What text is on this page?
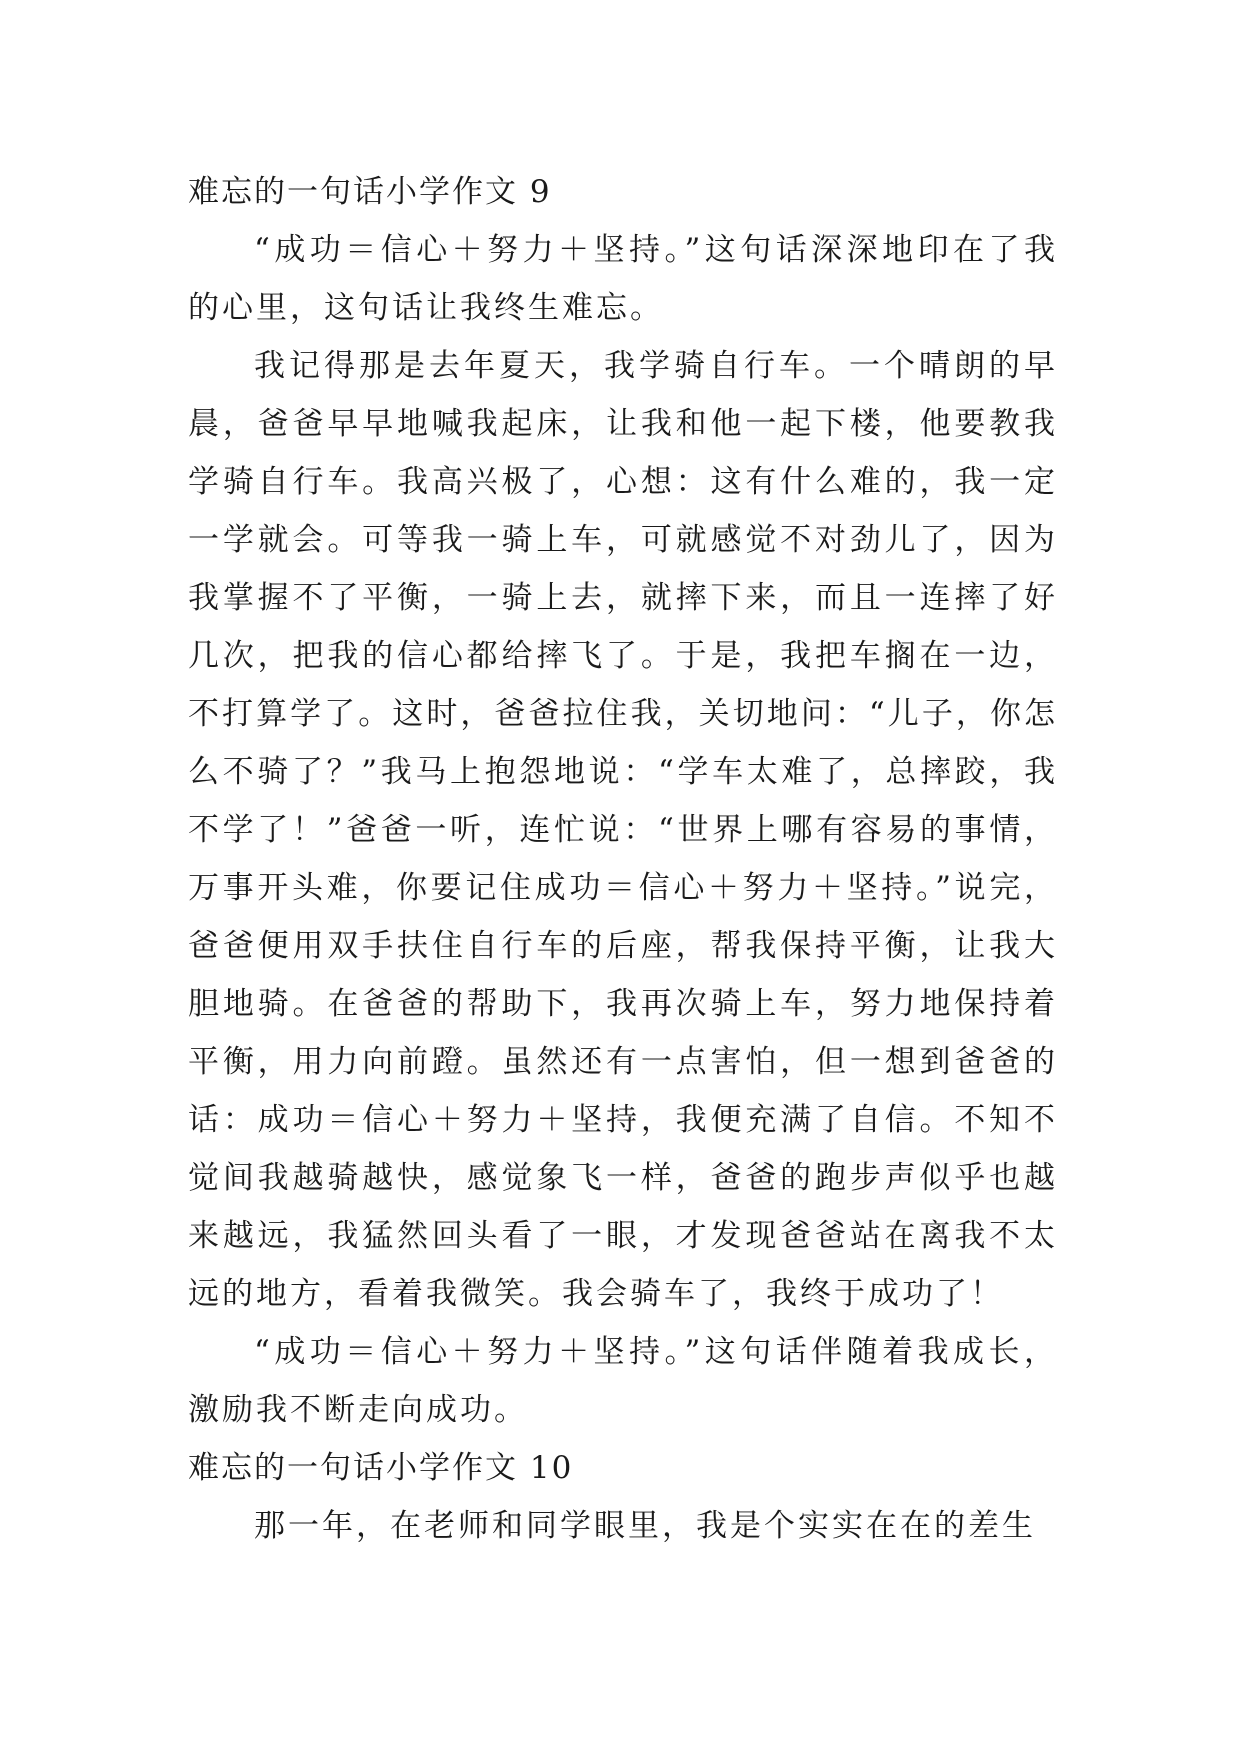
难忘的一句话小学作文 9

“成功＝信心＋努力＋坚持。”这句话深深地印在了我的心里，这句话让我终生难忘。

我记得那是去年夏天，我学骑自行车。一个晴朗的早晨，爸爸早早地喊我起床，让我和他一起下楼，他要教我学骑自行车。我高兴极了，心想：这有什么难的，我一定一学就会。可等我一骑上车，可就感觉不对劲儿了，因为我掌握不了平衡，一骑上去，就摔下来，而且一连摔了好几次，把我的信心都给摔飞了。于是，我把车搁在一边，不打算学了。这时，爸爸拉住我，关切地问：“儿子，你怎么不骑了？”我马上抱怨地说：“学车太难了，总摔跤，我不学了！”爸爸一听，连忙说：“世界上哪有容易的事情，万事开头难，你要记住成功＝信心＋努力＋坚持。”说完，爸爸便用双手扶住自行车的后座，帮我保持平衡，让我大胆地骑。在爸爸的帮助下，我再次骑上车，努力地保持着平衡，用力向前蹬。虽然还有一点害怕，但一想到爸爸的话：成功＝信心＋努力＋坚持，我便充满了自信。不知不觉间我越骑越快，感觉象飞一样，爸爸的跑步声似乎也越来越远，我猛然回头看了一眼，才发现爸爸站在离我不太远的地方，看着我微笑。我会骑车了，我终于成功了！

“成功＝信心＋努力＋坚持。”这句话伴随着我成长，激励我不断走向成功。

难忘的一句话小学作文 10

那一年，在老师和同学眼里，我是个实实在在的差生
